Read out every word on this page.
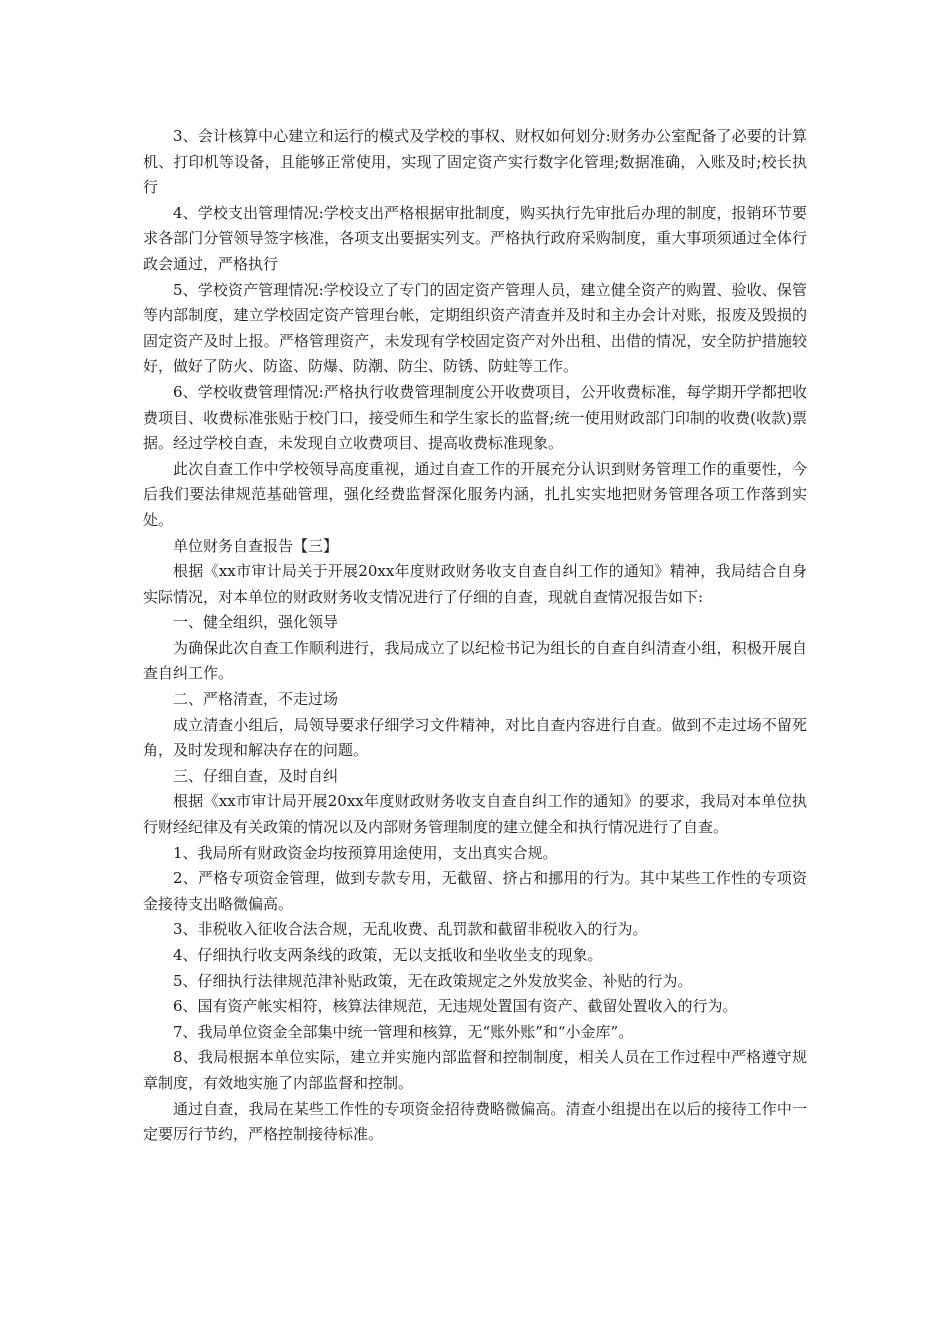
3、会计核算中心建立和运行的模式及学校的事权、财权如何划分:财务办公室配备了必要的计算机、打印机等设备，且能够正常使用，实现了固定资产实行数字化管理;数据准确，入账及时;校长执行

4、学校支出管理情况:学校支出严格根据审批制度，购买执行先审批后办理的制度，报销环节要求各部门分管领导签字核准，各项支出要据实列支。严格执行政府采购制度，重大事项须通过全体行政会通过，严格执行

5、学校资产管理情况:学校设立了专门的固定资产管理人员，建立健全资产的购置、验收、保管等内部制度，建立学校固定资产管理台帐，定期组织资产清查并及时和主办会计对账，报废及毁损的固定资产及时上报。严格管理资产，未发现有学校固定资产对外出租、出借的情况，安全防护措施较好，做好了防火、防盗、防爆、防潮、防尘、防锈、防蛀等工作。

6、学校收费管理情况:严格执行收费管理制度公开收费项目，公开收费标准，每学期开学都把收费项目、收费标准张贴于校门口，接受师生和学生家长的监督;统一使用财政部门印制的收费(收款)票据。经过学校自查，未发现自立收费项目、提高收费标准现象。

此次自查工作中学校领导高度重视，通过自查工作的开展充分认识到财务管理工作的重要性，今后我们要法律规范基础管理，强化经费监督深化服务内涵，扎扎实实地把财务管理各项工作落到实处。

单位财务自查报告【三】

根据《xx市审计局关于开展20xx年度财政财务收支自查自纠工作的通知》精神，我局结合自身实际情况，对本单位的财政财务收支情况进行了仔细的自查，现就自查情况报告如下:

一、健全组织，强化领导

为确保此次自查工作顺利进行，我局成立了以纪检书记为组长的自查自纠清查小组，积极开展自查自纠工作。

二、严格清查，不走过场

成立清查小组后，局领导要求仔细学习文件精神，对比自查内容进行自查。做到不走过场不留死角，及时发现和解决存在的问题。

三、仔细自查，及时自纠

根据《xx市审计局开展20xx年度财政财务收支自查自纠工作的通知》的要求，我局对本单位执行财经纪律及有关政策的情况以及内部财务管理制度的建立健全和执行情况进行了自查。

1、我局所有财政资金均按预算用途使用，支出真实合规。

2、严格专项资金管理，做到专款专用，无截留、挤占和挪用的行为。其中某些工作性的专项资金接待支出略微偏高。

3、非税收入征收合法合规，无乱收费、乱罚款和截留非税收入的行为。

4、仔细执行收支两条线的政策，无以支抵收和坐收坐支的现象。

5、仔细执行法律规范津补贴政策，无在政策规定之外发放奖金、补贴的行为。

6、国有资产帐实相符，核算法律规范，无违规处置国有资产、截留处置收入的行为。

7、我局单位资金全部集中统一管理和核算，无“账外账”和“小金库”。

8、我局根据本单位实际，建立并实施内部监督和控制制度，相关人员在工作过程中严格遵守规章制度，有效地实施了内部监督和控制。

通过自查，我局在某些工作性的专项资金招待费略微偏高。清查小组提出在以后的接待工作中一定要厉行节约，严格控制接待标准。
